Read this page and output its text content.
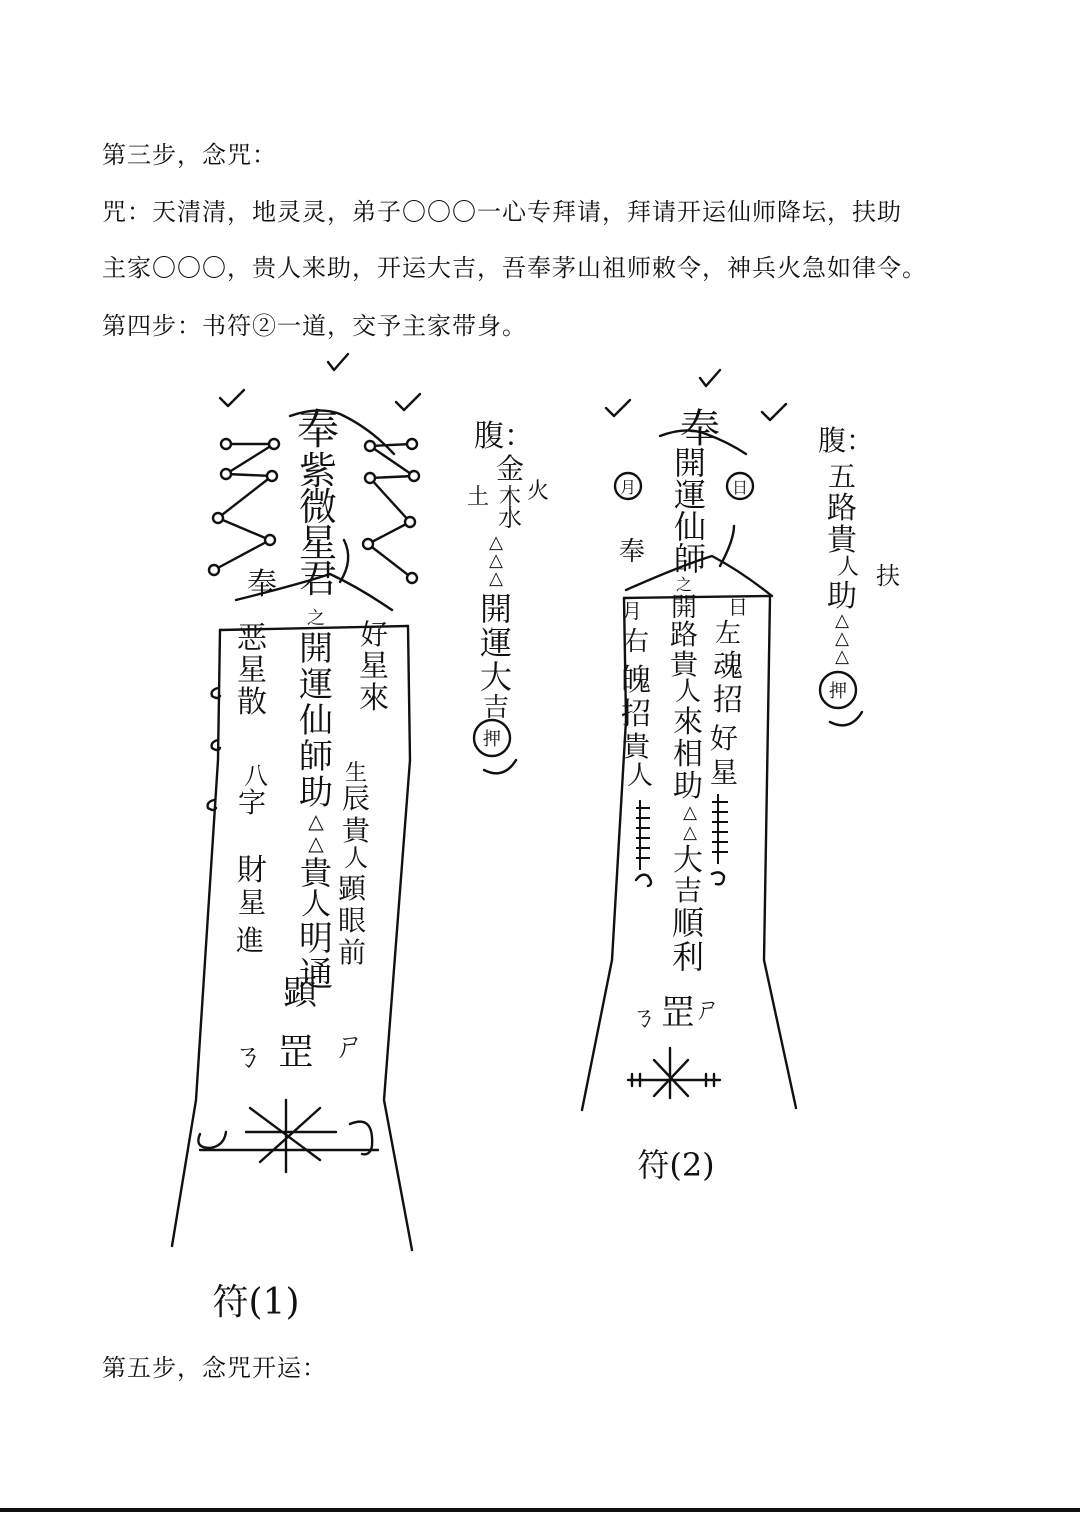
第三步，念咒：
咒：天清清，地灵灵，弟子〇〇〇一心专拜请，拜请开运仙师降坛，扶助
主家〇〇〇，贵人来助，开运大吉，吾奉茅山祖师敕令，神兵火急如律令。
第四步：书符②一道，交予主家带身。
奉
紫
微
星
君
奉
之
開
運
仙
師
助
△
△
貴
人
明
通
顕
恶
星
散
好
星
來
八
字
財
星
進
生
辰
貴
人
顕
眼
前
罡
ㄋ ㄕ
腹：
金
木
水
火
土
△
△
△
開
運
大
吉
押
奉
開
運
仙
師
奉
月	日
之
開
路
貴
人
來
相
助
△
△
大
吉
順
利
月
右
魄
招
貴
人
日
左
魂
招
好
星
罡
ㄋ ㄕ
腹：
五
路
貴
人
助
△
△
△
扶
押
符(2)
符(1)
第五步，念咒开运：
